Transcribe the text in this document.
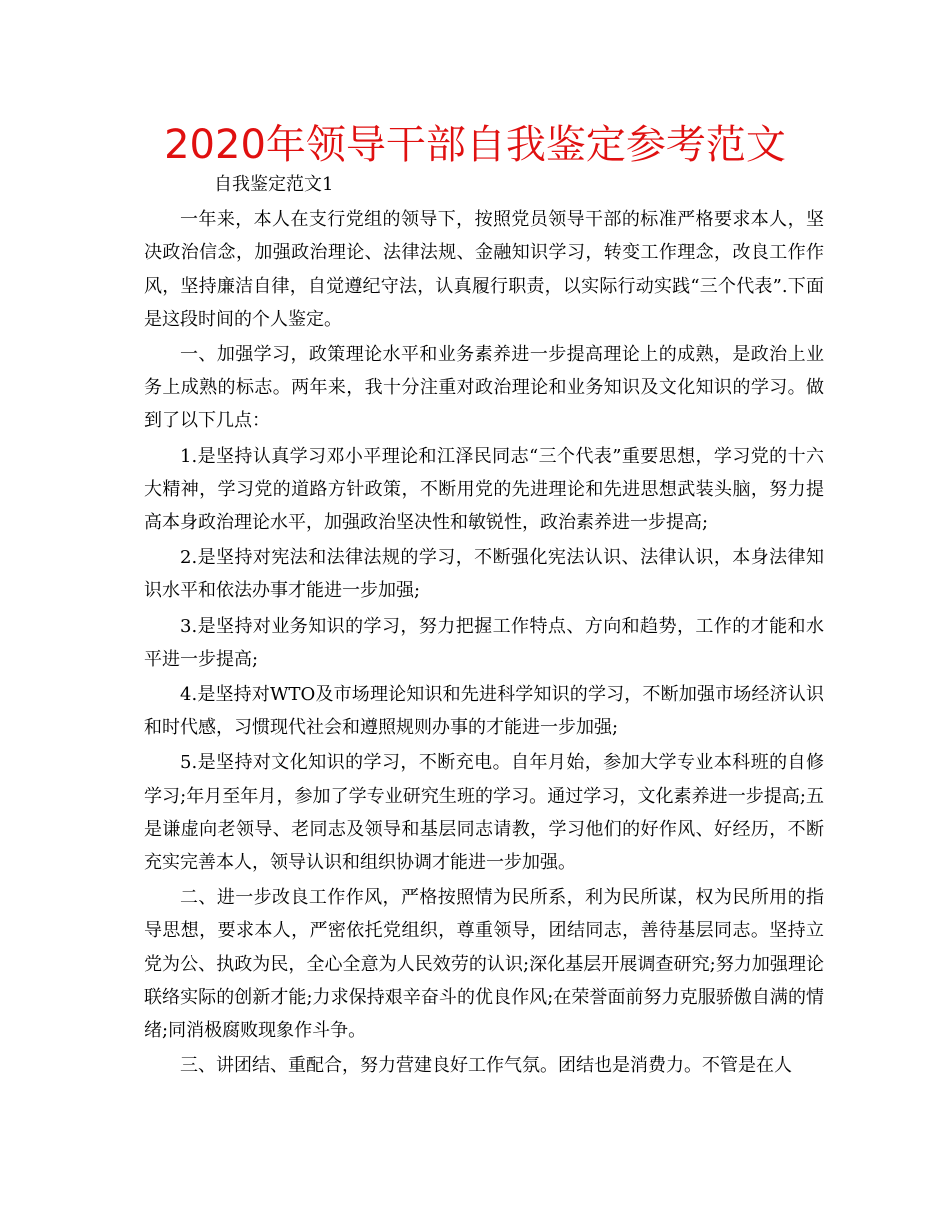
2020年领导干部自我鉴定参考范文

自我鉴定范文1

一年来，本人在支行党组的领导下，按照党员领导干部的标准严格要求本人，坚决政治信念，加强政治理论、法律法规、金融知识学习，转变工作理念，改良工作作风，坚持廉洁自律，自觉遵纪守法，认真履行职责，以实际行动实践“三个代表”.下面是这段时间的个人鉴定。

一、加强学习，政策理论水平和业务素养进一步提高理论上的成熟，是政治上业务上成熟的标志。两年来，我十分注重对政治理论和业务知识及文化知识的学习。做到了以下几点：

1.是坚持认真学习邓小平理论和江泽民同志“三个代表”重要思想，学习党的十六大精神，学习党的道路方针政策，不断用党的先进理论和先进思想武装头脑，努力提高本身政治理论水平，加强政治坚决性和敏锐性，政治素养进一步提高;

2.是坚持对宪法和法律法规的学习，不断强化宪法认识、法律认识，本身法律知识水平和依法办事才能进一步加强;

3.是坚持对业务知识的学习，努力把握工作特点、方向和趋势，工作的才能和水平进一步提高;

4.是坚持对WTO及市场理论知识和先进科学知识的学习，不断加强市场经济认识和时代感，习惯现代社会和遵照规则办事的才能进一步加强;

5.是坚持对文化知识的学习，不断充电。自年月始，参加大学专业本科班的自修学习;年月至年月，参加了学专业研究生班的学习。通过学习，文化素养进一步提高;五是谦虚向老领导、老同志及领导和基层同志请教，学习他们的好作风、好经历，不断充实完善本人，领导认识和组织协调才能进一步加强。

二、进一步改良工作作风，严格按照情为民所系，利为民所谋，权为民所用的指导思想，要求本人，严密依托党组织，尊重领导，团结同志，善待基层同志。坚持立党为公、执政为民，全心全意为人民效劳的认识;深化基层开展调查研究;努力加强理论联络实际的创新才能;力求保持艰辛奋斗的优良作风;在荣誉面前努力克服骄傲自满的情绪;同消极腐败现象作斗争。

三、讲团结、重配合，努力营建良好工作气氛。团结也是消费力。不管是在人
